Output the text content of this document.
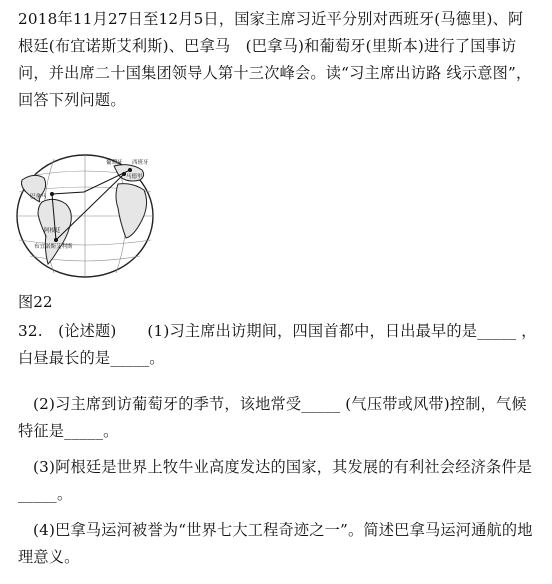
2018年11月27日至12月5日，国家主席习近平分别对西班牙(马德里)、阿根廷(布宜诺斯艾利斯)、巴拿马　(巴拿马)和葡萄牙(里斯本)进行了国事访问，并出席二十国集团领导人第十三次峰会。读“习主席出访路 线示意图”，回答下列问题。

葡萄牙 西班牙
马德里
巴拿马
阿根廷
布宜诺斯艾利斯
图22

32.　(论述题)　　(1)习主席出访期间，四国首都中，日出最早的是_____ ，白昼最长的是_____。

(2)习主席到访葡萄牙的季节，该地常受_____ (气压带或风带)控制，气候特征是_____。

(3)阿根廷是世界上牧牛业高度发达的国家，其发展的有利社会经济条件是_____。

(4)巴拿马运河被誉为“世界七大工程奇迹之一”。简述巴拿马运河通航的地理意义。
